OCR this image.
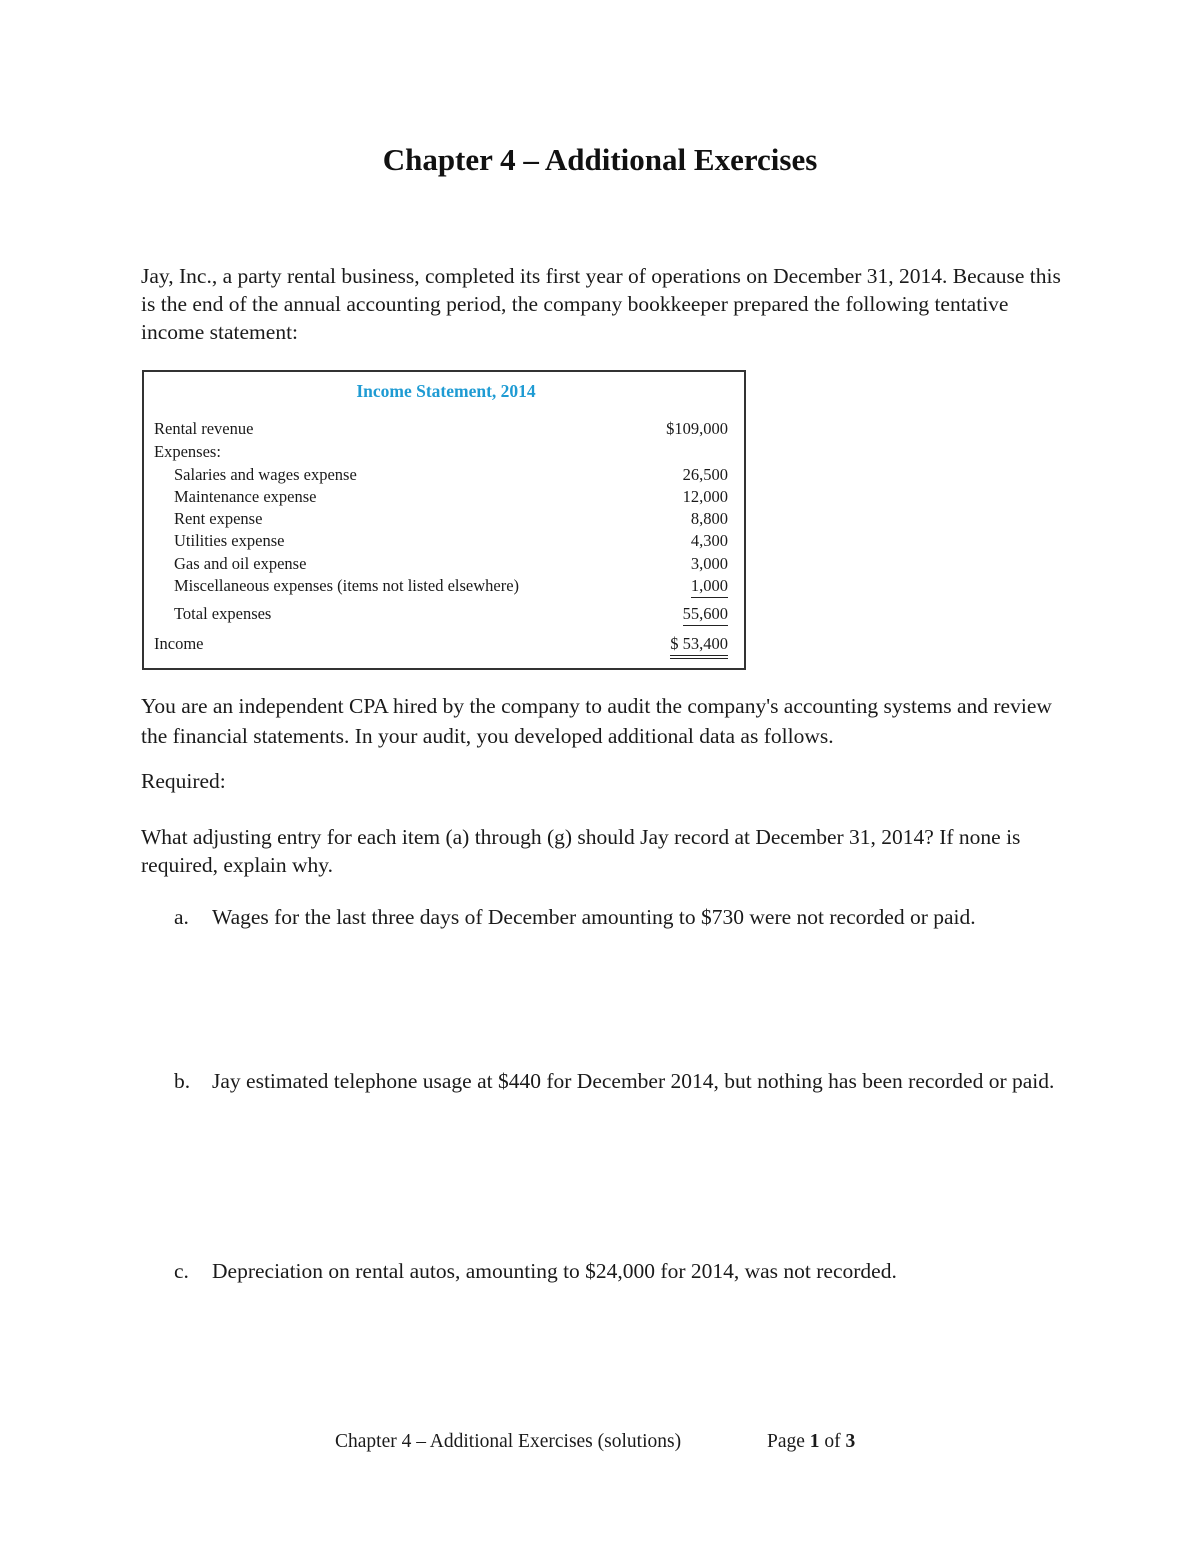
Chapter 4 – Additional Exercises
Jay, Inc., a party rental business, completed its first year of operations on December 31, 2014. Because this is the end of the annual accounting period, the company bookkeeper prepared the following tentative income statement:
Income Statement, 2014
Rental revenue	$109,000
Expenses:
Salaries and wages expense	26,500
Maintenance expense	12,000
Rent expense	8,800
Utilities expense	4,300
Gas and oil expense	3,000
Miscellaneous expenses (items not listed elsewhere)	1,000
Total expenses	55,600
Income	$ 53,400
You are an independent CPA hired by the company to audit the company's accounting systems and review the financial statements. In your audit, you developed additional data as follows.
Required:
What adjusting entry for each item (a) through (g) should Jay record at December 31, 2014? If none is required, explain why.
a.	Wages for the last three days of December amounting to $730 were not recorded or paid.
b.	Jay estimated telephone usage at $440 for December 2014, but nothing has been recorded or paid.
c.	Depreciation on rental autos, amounting to $24,000 for 2014, was not recorded.
Chapter 4 – Additional Exercises (solutions)	Page 1 of 3
